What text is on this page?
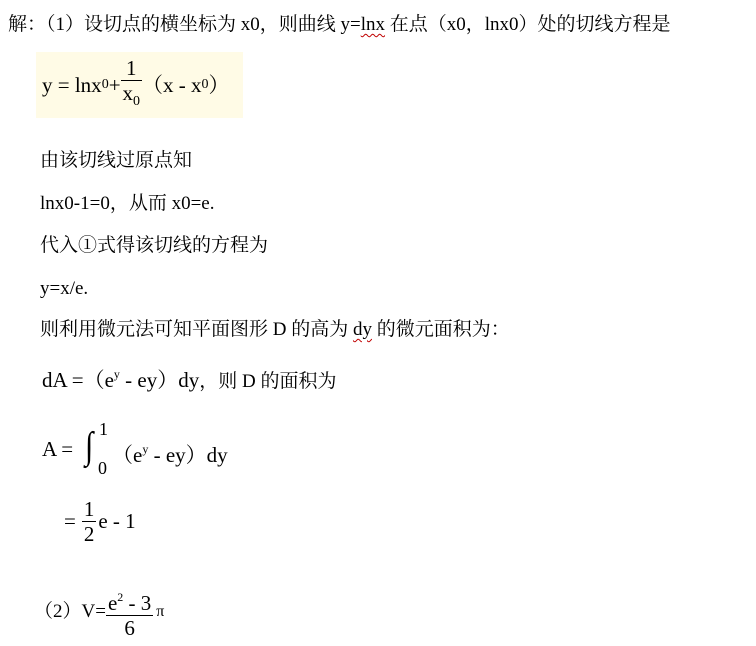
解：（1）设切点的横坐标为 x0，则曲线 y=lnx 在点（x0，lnx0）处的切线方程是
y = lnx $0 + \frac{1}{x_0} (x - x$ 0 ）
由该切线过原点知
lnx0-1=0，从而 x0=e.
代入①式得该切线的方程为
y=x/e.
则利用微元法可知平面图形 D 的高为 dy 的微元面积为：
dA $=(e^y - ey)dy$，则 D 的面积为
A = ∫ 1
0
$(e^y - ey)dy$
= $\frac{1}{2}$ e - 1
$(2)V= \frac{e^2 - 3}{6}$ π
